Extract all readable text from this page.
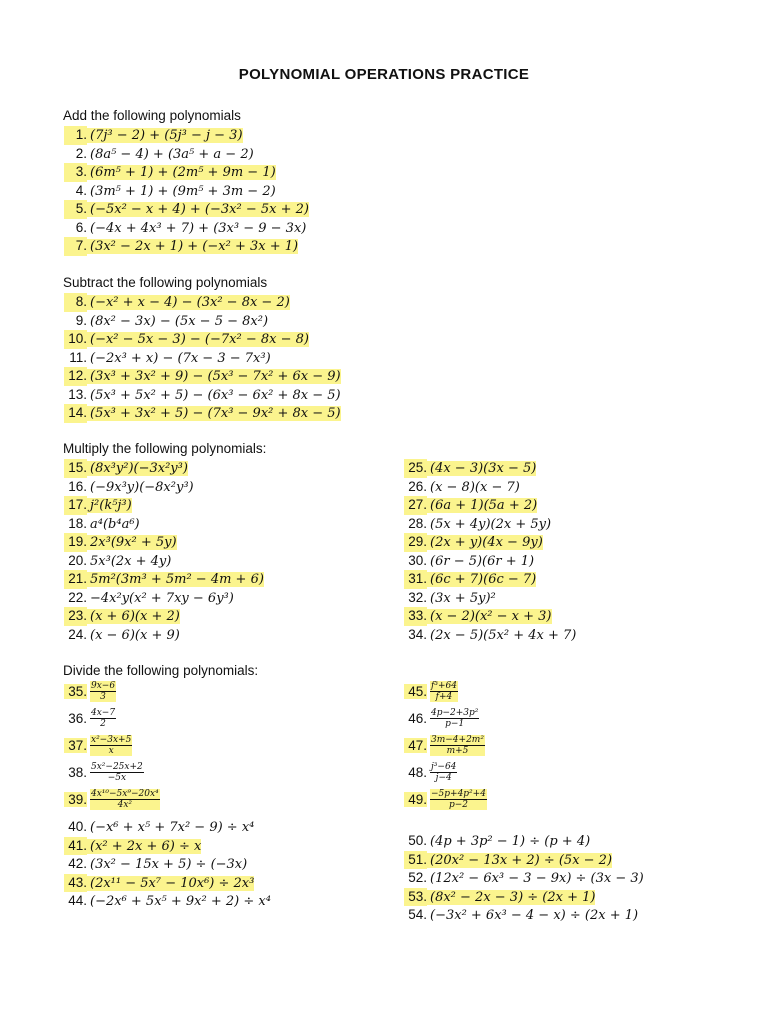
POLYNOMIAL OPERATIONS PRACTICE
Add the following polynomials
1. (7j³ − 2) + (5j³ − j − 3)
2. (8a⁵ − 4) + (3a⁵ + a − 2)
3. (6m⁵ + 1) + (2m⁵ + 9m − 1)
4. (3m⁵ + 1) + (9m⁵ + 3m − 2)
5. (−5x² − x + 4) + (−3x² − 5x + 2)
6. (−4x + 4x³ + 7) + (3x³ − 9 − 3x)
7. (3x² − 2x + 1) + (−x² + 3x + 1)
Subtract the following polynomials
8. (−x² + x − 4) − (3x² − 8x − 2)
9. (8x² − 3x) − (5x − 5 − 8x²)
10. (−x² − 5x − 3) − (−7x² − 8x − 8)
11. (−2x³ + x) − (7x − 3 − 7x³)
12. (3x³ + 3x² + 9) − (5x³ − 7x² + 6x − 9)
13. (5x³ + 5x² + 5) − (6x³ − 6x² + 8x − 5)
14. (5x³ + 3x² + 5) − (7x³ − 9x² + 8x − 5)
Multiply the following polynomials:
15. (8x³y²)(−3x²y³)
16. (−9x³y)(−8x²y³)
17. j²(k⁵j³)
18. a⁴(b⁴a⁶)
19. 2x³(9x² + 5y)
20. 5x³(2x + 4y)
21. 5m²(3m³ + 5m² − 4m + 6)
22. −4x²y(x² + 7xy − 6y³)
23. (x + 6)(x + 2)
24. (x − 6)(x + 9)
25. (4x − 3)(3x − 5)
26. (x − 8)(x − 7)
27. (6a + 1)(5a + 2)
28. (5x + 4y)(2x + 5y)
29. (2x + y)(4x − 9y)
30. (6r − 5)(6r + 1)
31. (6c + 7)(6c − 7)
32. (3x + 5y)²
33. (x − 2)(x² − x + 3)
34. (2x − 5)(5x² + 4x + 7)
Divide the following polynomials:
35. $\frac{9x-6}{3}$
36. $\frac{4x-7}{2}$
37. $\frac{\text{x²−3x+5}}{x}$
38. $\frac{\text{5x²−25x+2}}{-5x}$
39. $\frac{\text{4x¹⁰−5x⁹−20x⁴}}{\text{4x²}}$
40. (−x⁶ + x⁵ + 7x² − 9) ÷ x⁴
41. (x² + 2x + 6) ÷ x
42. (3x² − 15x + 5) ÷ (−3x)
43. (2x¹¹ − 5x⁷ − 10x⁶) ÷ 2x³
44. (−2x⁶ + 5x⁵ + 9x² + 2) ÷ x⁴
45. $\frac{\text{f³+64}}{f+4}$
46. $\frac{\text{4p−2+3p²}}{p-1}$
47. $\frac{\text{3m−4+2m²}}{m+5}$
48. $\frac{\text{j³−64}}{j-4}$
49. $\frac{\text{−5p+4p²+4}}{p-2}$
50. (4p + 3p² − 1) ÷ (p + 4)
51. (20x² − 13x + 2) ÷ (5x − 2)
52. (12x² − 6x³ − 3 − 9x) ÷ (3x − 3)
53. (8x² − 2x − 3) ÷ (2x + 1)
54. (−3x² + 6x³ − 4 − x) ÷ (2x + 1)
